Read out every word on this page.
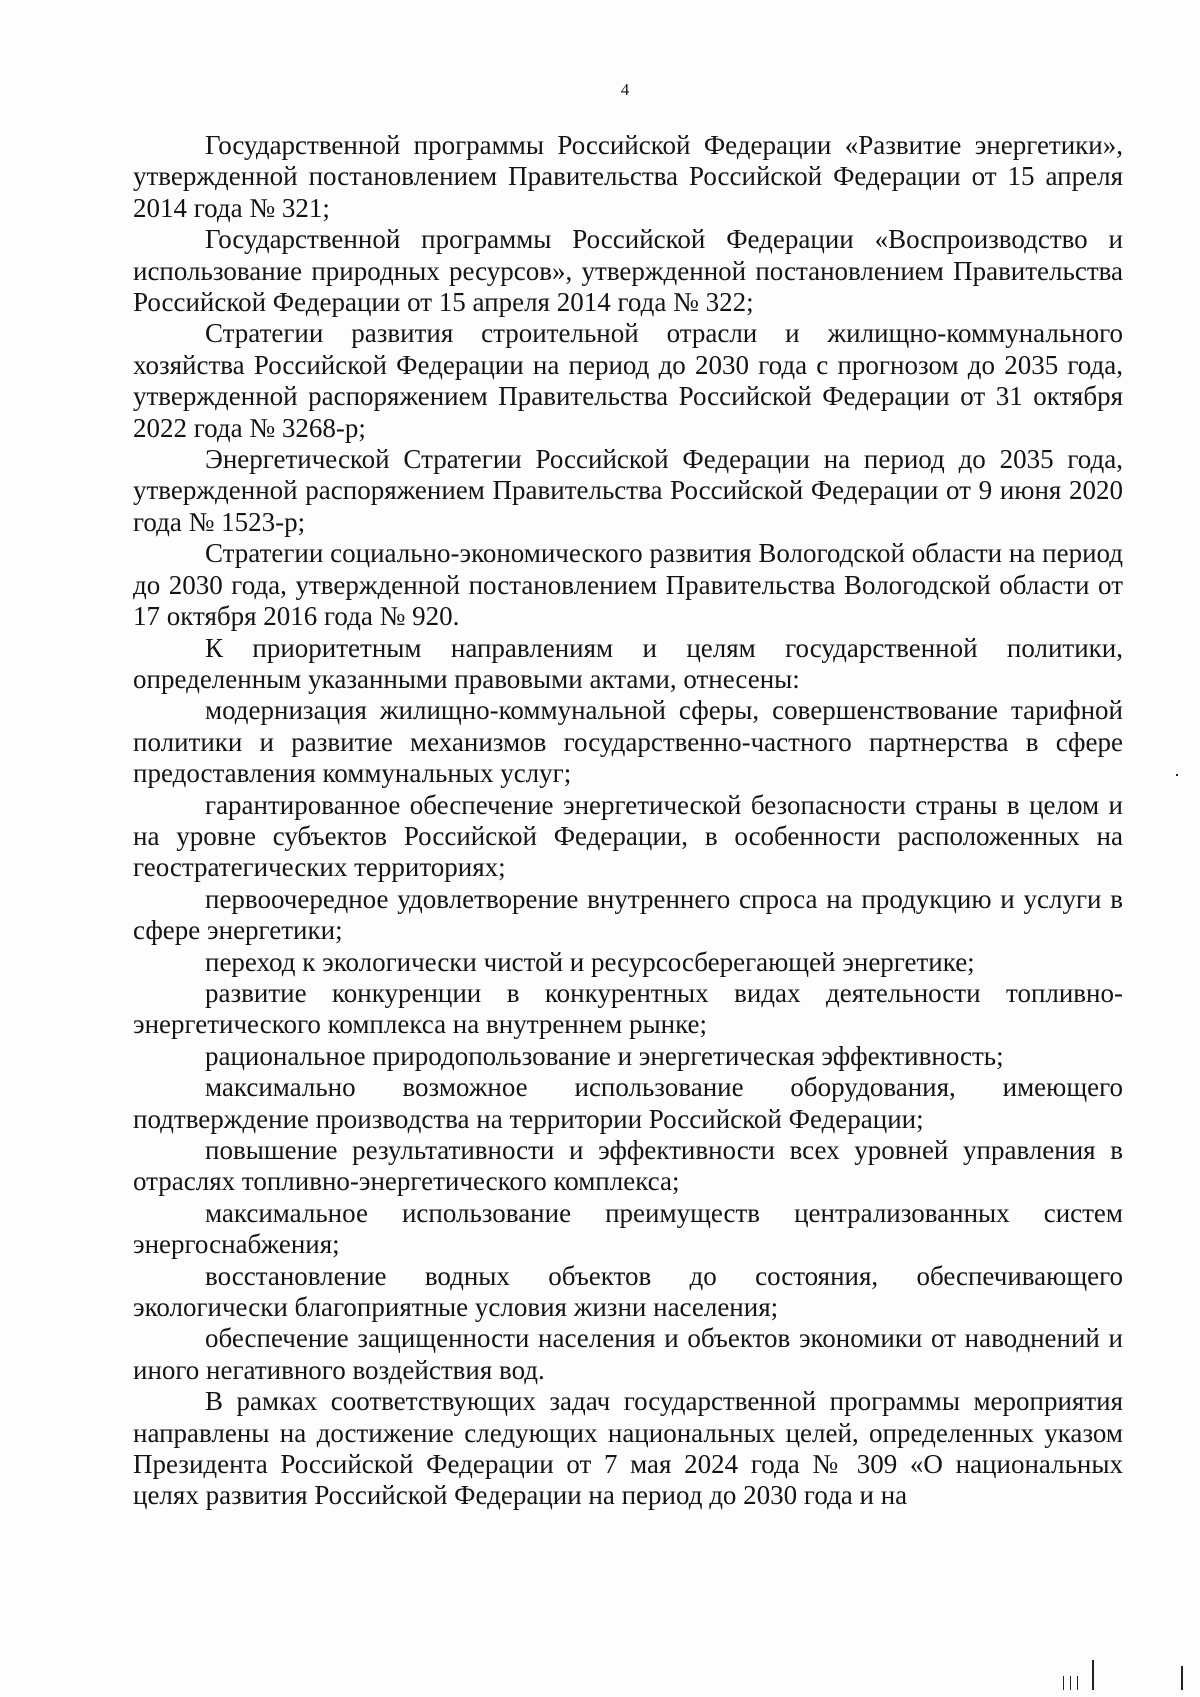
4

Государственной программы Российской Федерации «Развитие энергетики», утвержденной постановлением Правительства Российской Федерации от 15 апреля 2014 года № 321;

Государственной программы Российской Федерации «Воспроизводство и использование природных ресурсов», утвержденной постановлением Правительства Российской Федерации от 15 апреля 2014 года № 322;

Стратегии развития строительной отрасли и жилищно-коммунального хозяйства Российской Федерации на период до 2030 года с прогнозом до 2035 года, утвержденной распоряжением Правительства Российской Федерации от 31 октября 2022 года № 3268-р;

Энергетической Стратегии Российской Федерации на период до 2035 года, утвержденной распоряжением Правительства Российской Федерации от 9 июня 2020 года № 1523-р;

Стратегии социально-экономического развития Вологодской области на период до 2030 года, утвержденной постановлением Правительства Вологодской области от 17 октября 2016 года № 920.

К приоритетным направлениям и целям государственной политики, определенным указанными правовыми актами, отнесены:

модернизация жилищно-коммунальной сферы, совершенствование тарифной политики и развитие механизмов государственно-частного партнерства в сфере предоставления коммунальных услуг;

гарантированное обеспечение энергетической безопасности страны в целом и на уровне субъектов Российской Федерации, в особенности расположенных на геостратегических территориях;

первоочередное удовлетворение внутреннего спроса на продукцию и услуги в сфере энергетики;

переход к экологически чистой и ресурсосберегающей энергетике;

развитие конкуренции в конкурентных видах деятельности топливно-энергетического комплекса на внутреннем рынке;

рациональное природопользование и энергетическая эффективность;

максимально возможное использование оборудования, имеющего подтверждение производства на территории Российской Федерации;

повышение результативности и эффективности всех уровней управления в отраслях топливно-энергетического комплекса;

максимальное использование преимуществ централизованных систем энергоснабжения;

восстановление водных объектов до состояния, обеспечивающего экологически благоприятные условия жизни населения;

обеспечение защищенности населения и объектов экономики от наводнений и иного негативного воздействия вод.

В рамках соответствующих задач государственной программы мероприятия направлены на достижение следующих национальных целей, определенных указом Президента Российской Федерации от 7 мая 2024 года № 309 «О национальных целях развития Российской Федерации на период до 2030 года и на
